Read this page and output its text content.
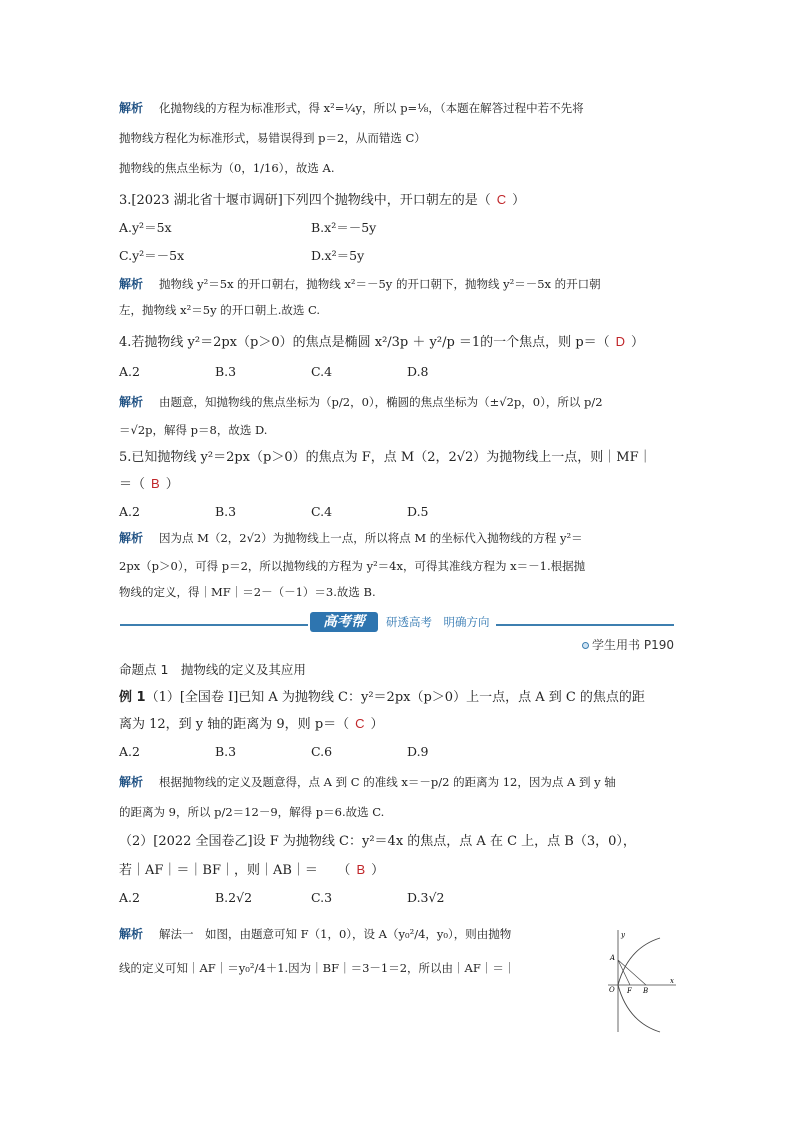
解析 化抛物线的方程为标准形式，得 x²=¼y，所以 p=⅛，（本题在解答过程中若不先将
抛物线方程化为标准形式，易错误得到 p＝2，从而错选 C）
抛物线的焦点坐标为（0，1/16），故选 A.
3.[2023 湖北省十堰市调研]下列四个抛物线中，开口朝左的是（ C ）
A.y²＝5x	B.x²＝－5y
C.y²＝－5x	D.x²＝5y
解析 抛物线 y²＝5x 的开口朝右，抛物线 x²＝－5y 的开口朝下，抛物线 y²＝－5x 的开口朝
左，抛物线 x²＝5y 的开口朝上.故选 C.
4.若抛物线 y²＝2px（p＞0）的焦点是椭圆 x²/3p ＋ y²/p ＝1的一个焦点，则 p＝（ D ）
A.2	B.3	C.4	D.8
解析 由题意，知抛物线的焦点坐标为（p/2，0），椭圆的焦点坐标为（±√2p，0），所以 p/2
＝√2p，解得 p＝8，故选 D.
5.已知抛物线 y²＝2px（p＞0）的焦点为 F，点 M（2，2√2）为抛物线上一点，则｜MF｜
＝（ B ）
A.2	B.3	C.4	D.5
解析 因为点 M（2，2√2）为抛物线上一点，所以将点 M 的坐标代入抛物线的方程 y²＝
2px（p＞0），可得 p＝2，所以抛物线的方程为 y²＝4x，可得其准线方程为 x＝－1.根据抛
物线的定义，得｜MF｜＝2－（－1）＝3.故选 B.
高考帮	研透高考　明确方向
学生用书 P190
命题点 1　抛物线的定义及其应用
例 1（1）[全国卷 I]已知 A 为抛物线 C：y²＝2px（p＞0）上一点，点 A 到 C 的焦点的距
离为 12，到 y 轴的距离为 9，则 p＝（ C ）
A.2	B.3	C.6	D.9
解析 根据抛物线的定义及题意得，点 A 到 C 的准线 x＝－p/2 的距离为 12，因为点 A 到 y 轴
的距离为 9，所以 p/2＝12－9，解得 p＝6.故选 C.
（2）[2022 全国卷乙]设 F 为抛物线 C：y²＝4x 的焦点，点 A 在 C 上，点 B（3，0），
若｜AF｜＝｜BF｜，则｜AB｜＝　　（ B ）
A.2	B.2√2	C.3	D.3√2
解析 解法一　如图，由题意可知 F（1，0），设 A（y₀²/4，y₀），则由抛物
线的定义可知｜AF｜＝y₀²/4＋1.因为｜BF｜＝3－1＝2，所以由｜AF｜＝｜
y
A
O F B
x
